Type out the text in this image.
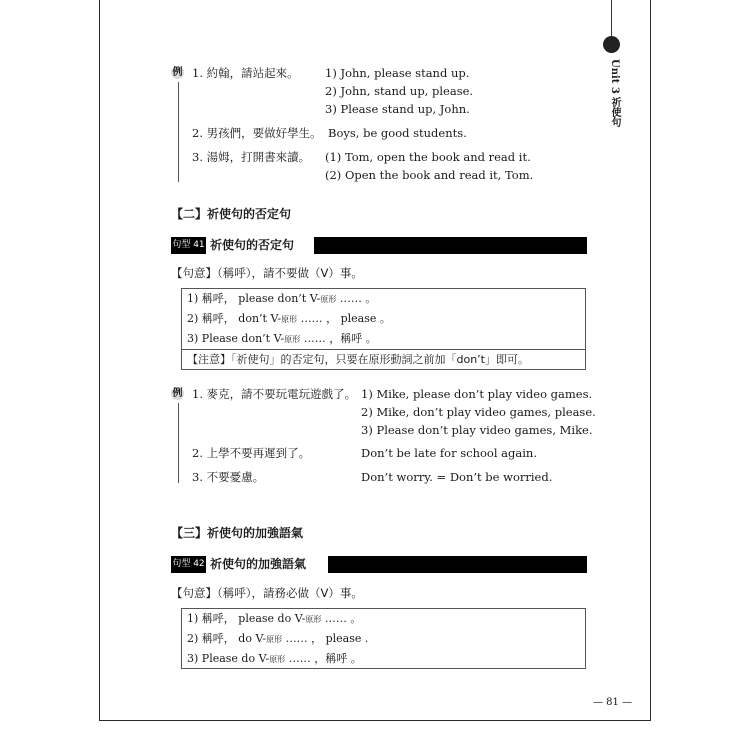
Unit 3 祈使句
例 1. 約翰，請站起來。 1) John, please stand up.
2) John, stand up, please.
3) Please stand up, John.
2. 男孩們，要做好學生。 Boys, be good students.
3. 湯姆，打開書來讀。 (1) Tom, open the book and read it.
(2) Open the book and read it, Tom.
【二】祈使句的否定句
句型 41 祈使句的否定句
【句意】（稱呼），請不要做（V）事。
1) 稱呼， please don’t V-原形 …… 。
2) 稱呼， don’t V-原形 …… ， please 。
3) Please don’t V-原形 …… ，稱呼 。
【注意】「祈使句」的否定句，只要在原形動詞之前加「don’t」即可。
例 1. 麥克，請不要玩電玩遊戲了。 1) Mike, please don’t play video games.
2) Mike, don’t play video games, please.
3) Please don’t play video games, Mike.
2. 上學不要再遲到了。	Don’t be late for school again.
3. 不要憂慮。	Don’t worry. = Don’t be worried.
【三】祈使句的加強語氣
句型 42 祈使句的加強語氣
【句意】（稱呼），請務必做（V）事。
1) 稱呼， please do V-原形 …… 。
2) 稱呼， do V-原形 …… ， please .
3) Please do V-原形 …… ，稱呼 。
— 81 —
